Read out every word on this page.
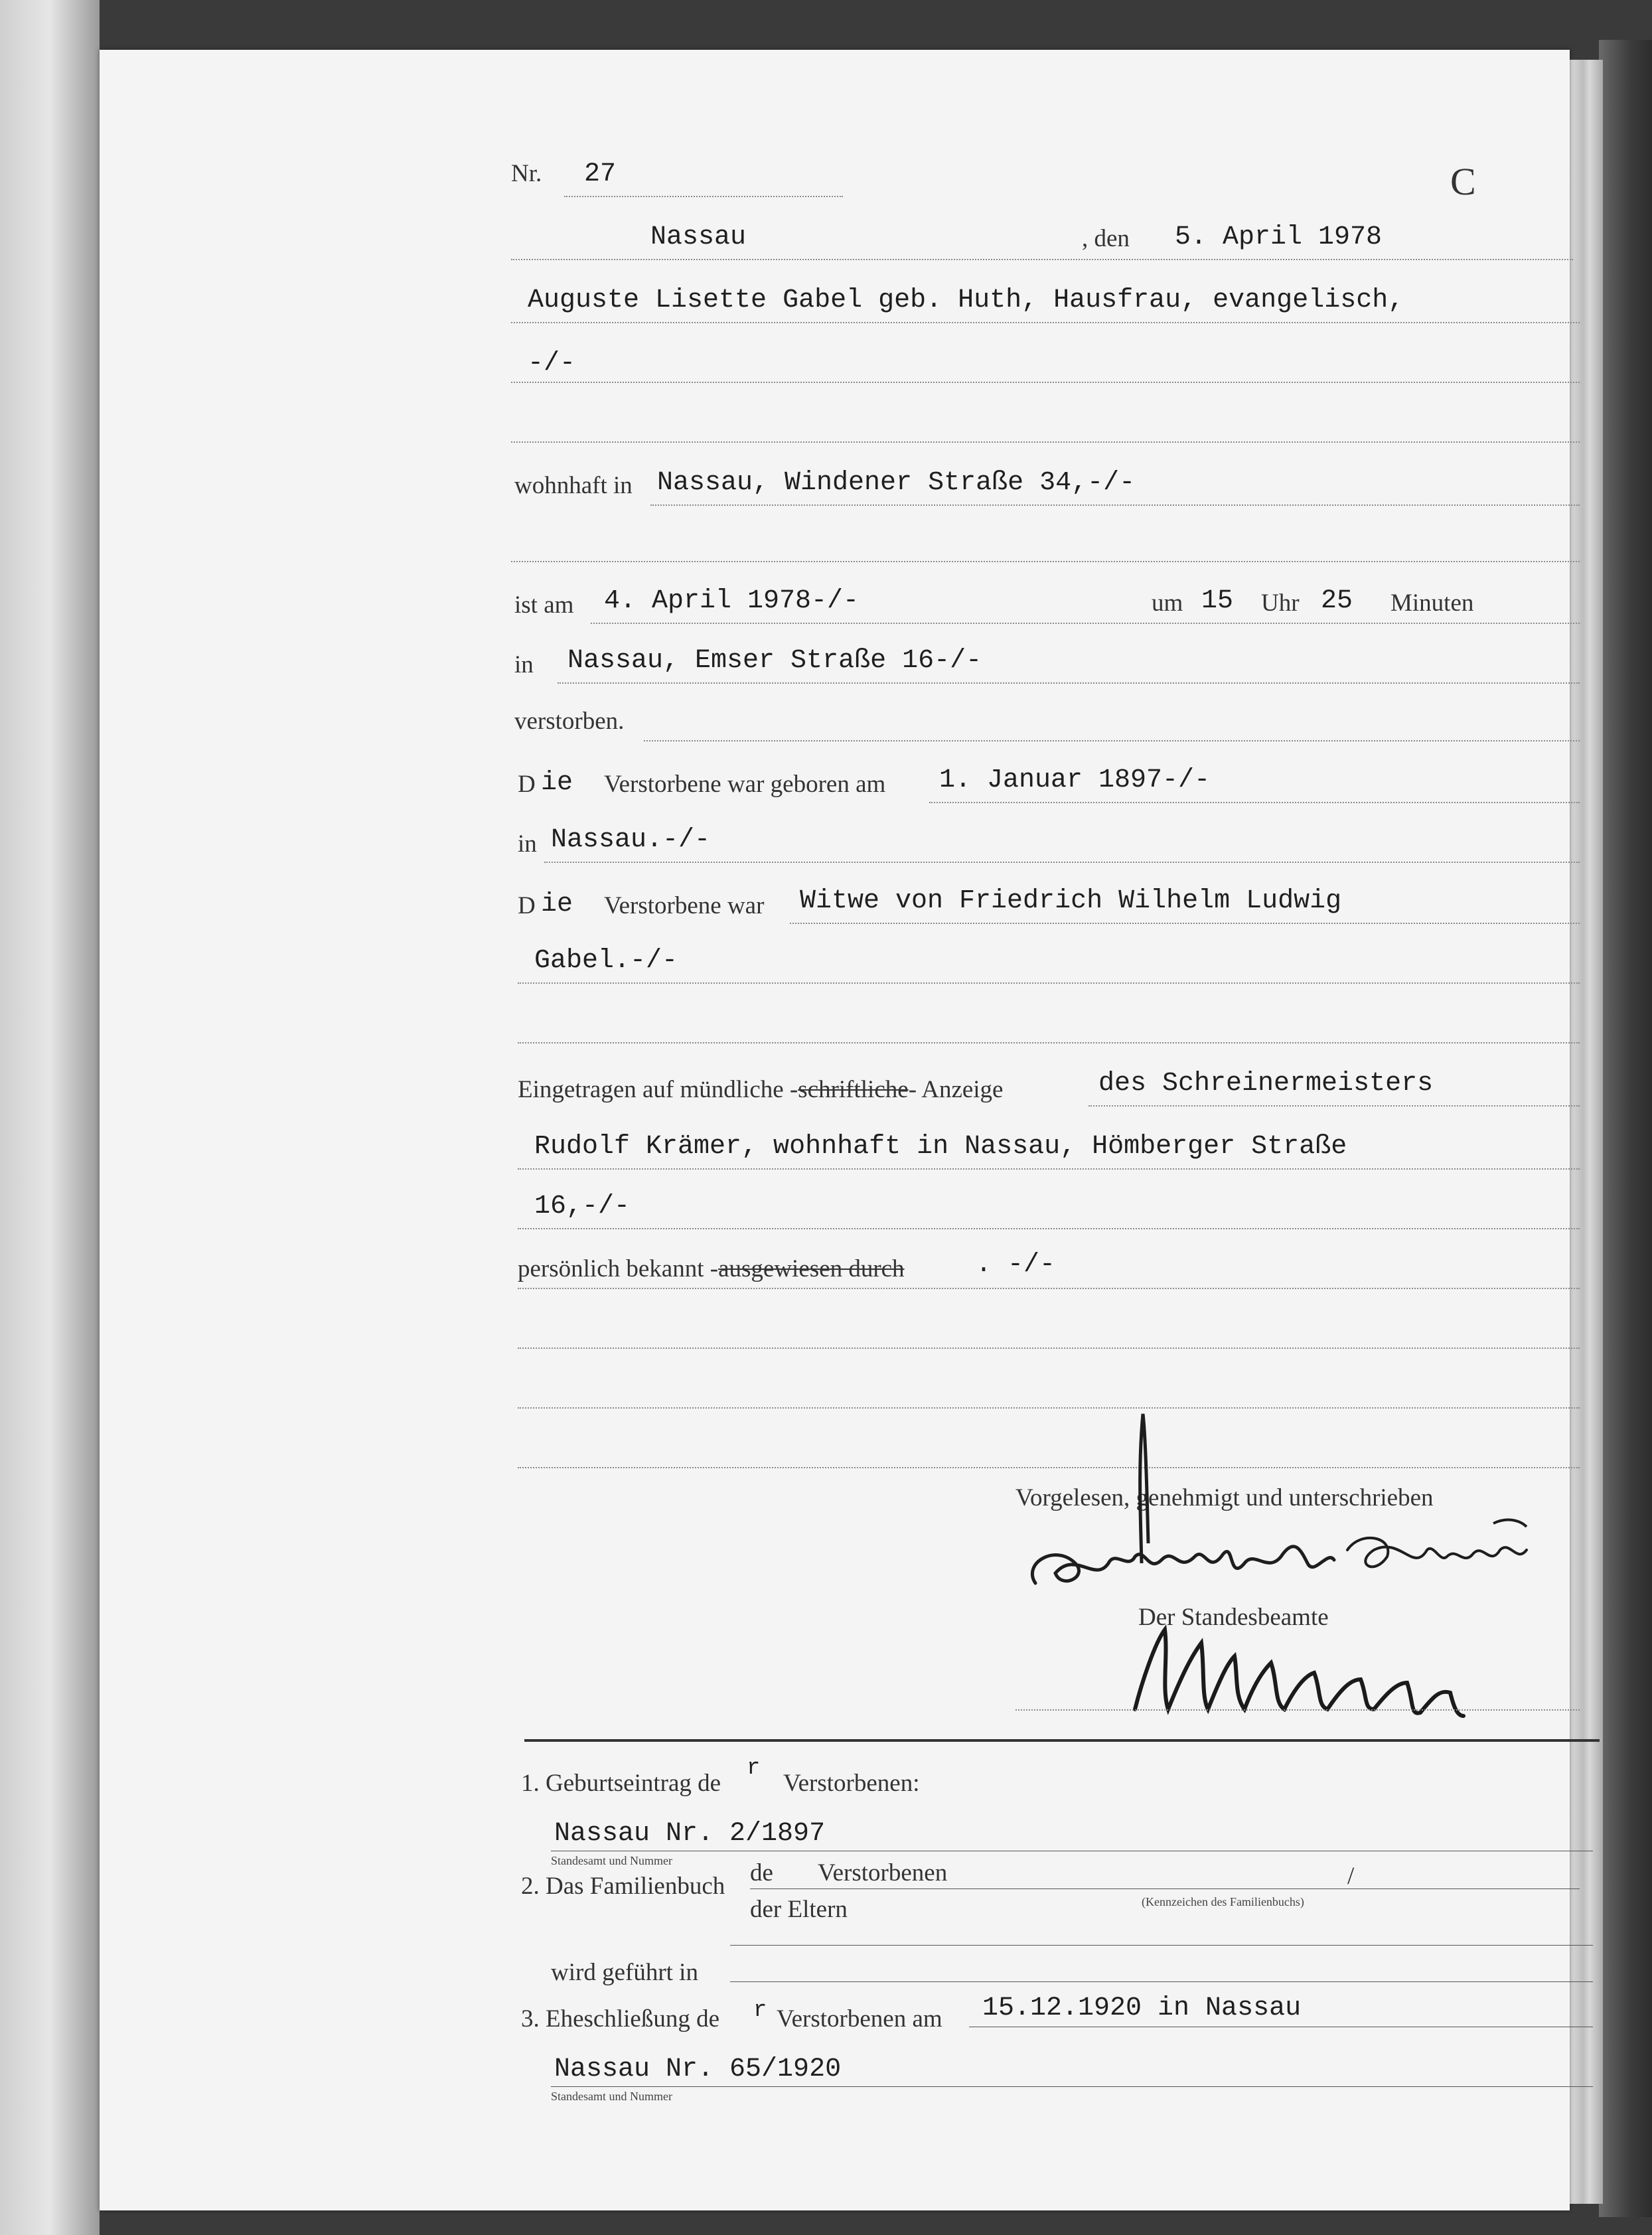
Nr. 27	C
Nassau	, den 5. April 1978
Auguste Lisette Gabel geb. Huth, Hausfrau, evangelisch,
-/-
wohnhaft in Nassau, Windener Straße 34,-/-
ist am 4. April 1978-/-	um 15 Uhr 25 Minuten
in Nassau, Emser Straße 16-/-
verstorben.
D ie Verstorbene war geboren am 1. Januar 1897-/-
in Nassau.-/-
D ie Verstorbene war Witwe von Friedrich Wilhelm Ludwig
Gabel.-/-
Eingetragen auf mündliche -schriftliche- Anzeige	des Schreinermeisters
Rudolf Krämer, wohnhaft in Nassau, Hömberger Straße
16,-/-
persönlich bekannt -ausgewiesen durch	. -/-
Vorgelesen, genehmigt und unterschrieben
Der Standesbeamte
1. Geburtseintrag de
r
Verstorbenen:
Nassau Nr. 2/1897
Standesamt und Nummer
2. Das Familienbuch de Verstorbenen	/
(Kennzeichen des Familienbuchs)
der Eltern
wird geführt in
3. Eheschließung de r Verstorbenen am 15.12.1920 in Nassau
Nassau Nr. 65/1920
Standesamt und Nummer
